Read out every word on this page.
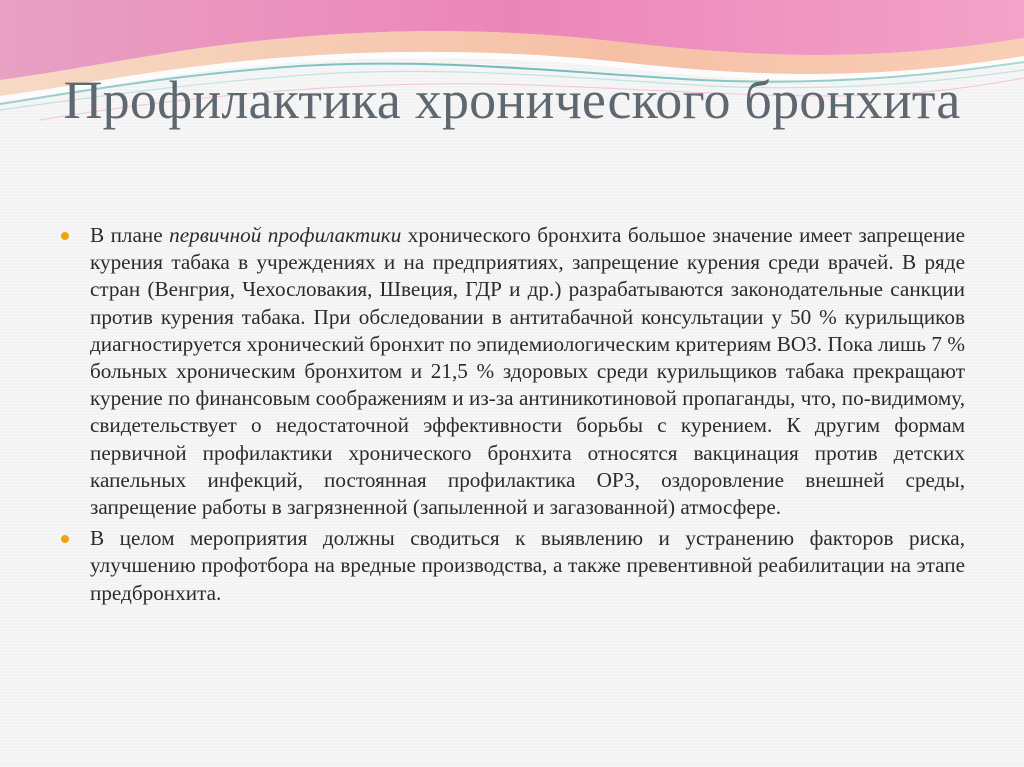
Профилактика хронического бронхита

В плане первичной профилактики хронического бронхита большое значение имеет запрещение курения табака в учреждениях и на предприятиях, запрещение курения среди врачей. В ряде стран (Венгрия, Чехословакия, Швеция, ГДР и др.) разрабатываются законодательные санкции против курения табака. При обследовании в антитабачной консультации у 50 % курильщиков диагностируется хронический бронхит по эпидемиологическим критериям ВОЗ. Пока лишь 7 % больных хроническим бронхитом и 21,5 % здоровых среди курильщиков табака прекращают курение по финансовым соображениям и из-за антиникотиновой пропаганды, что, по-видимому, свидетельствует о недостаточной эффективности борьбы с курением. К другим формам первичной профилактики хронического бронхита относятся вакцинация против детских капельных инфекций, постоянная профилактика ОРЗ, оздоровление внешней среды, запрещение работы в загрязненной (запыленной и загазованной) атмосфере.

В целом мероприятия должны сводиться к выявлению и устранению факторов риска, улучшению профотбора на вредные производства, а также превентивной реабилитации на этапе предбронхита.
